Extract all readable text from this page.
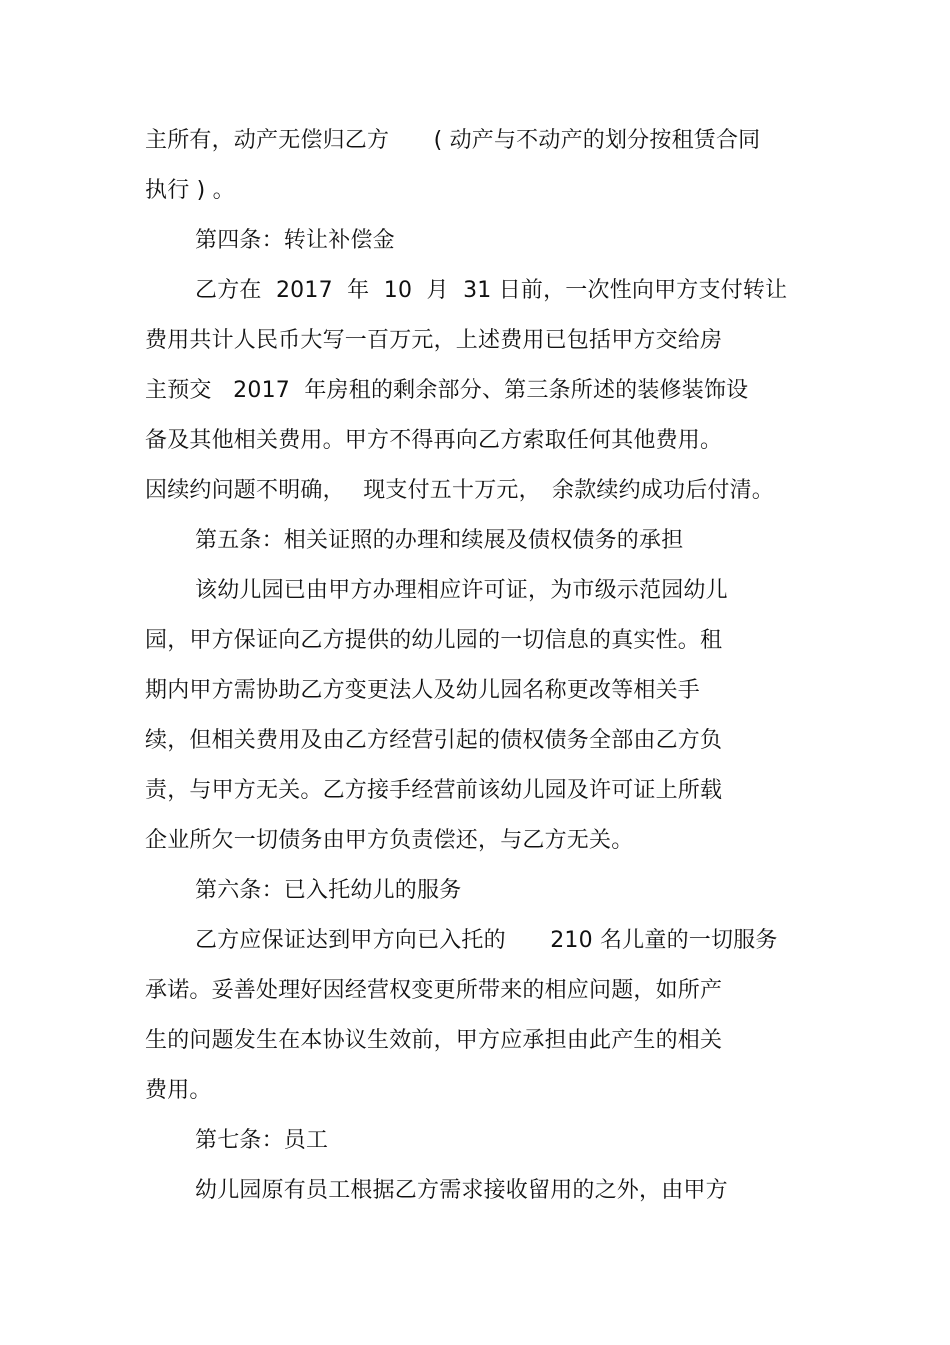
主所有，动产无偿归乙方　　( 动产与不动产的划分按租赁合同
执行 ) 。
第四条：转让补偿金
乙方在  2017  年  10  月  31 日前，一次性向甲方支付转让
费用共计人民币大写一百万元，上述费用已包括甲方交给房
主预交   2017  年房租的剩余部分、第三条所述的装修装饰设
备及其他相关费用。甲方不得再向乙方索取任何其他费用。
因续约问题不明确，　 现支付五十万元，　余款续约成功后付清。
第五条：相关证照的办理和续展及债权债务的承担
该幼儿园已由甲方办理相应许可证，为市级示范园幼儿
园，甲方保证向乙方提供的幼儿园的一切信息的真实性。租
期内甲方需协助乙方变更法人及幼儿园名称更改等相关手
续，但相关费用及由乙方经营引起的债权债务全部由乙方负
责，与甲方无关。乙方接手经营前该幼儿园及许可证上所载
企业所欠一切债务由甲方负责偿还，与乙方无关。
第六条：已入托幼儿的服务
乙方应保证达到甲方向已入托的　　210 名儿童的一切服务
承诺。妥善处理好因经营权变更所带来的相应问题，如所产
生的问题发生在本协议生效前，甲方应承担由此产生的相关
费用。
第七条：员工
幼儿园原有员工根据乙方需求接收留用的之外，由甲方
